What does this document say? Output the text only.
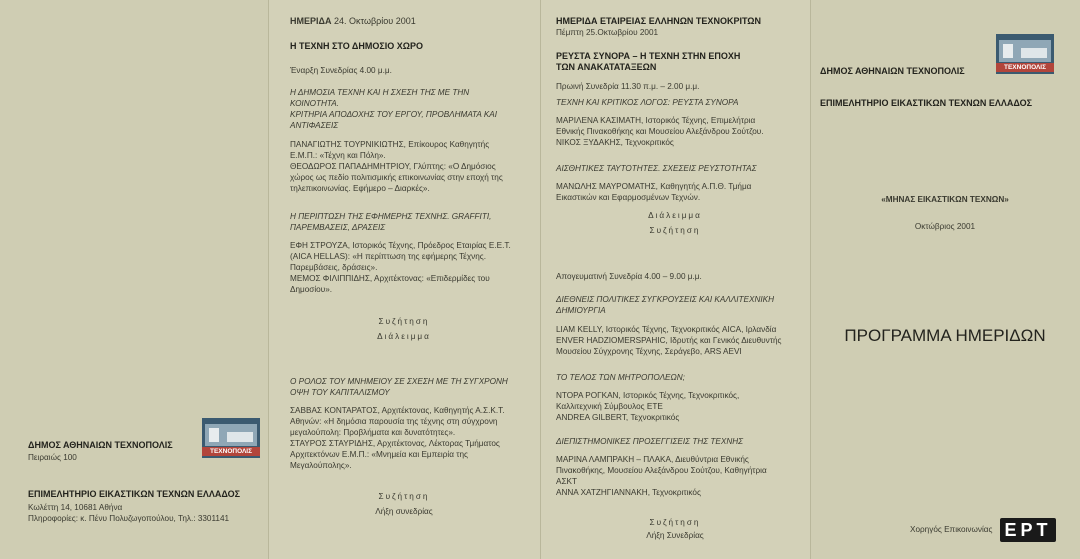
ΤΕΧΝΟΠΟΛΙΣ
ΔΗΜΟΣ ΑΘΗΝΑΙΩΝ ΤΕΧΝΟΠΟΛΙΣ
Πειραιώς 100
ΕΠΙΜΕΛΗΤΗΡΙΟ ΕΙΚΑΣΤΙΚΩΝ ΤΕΧΝΩΝ ΕΛΛΑΔΟΣ
Κωλέττη 14, 10681 Αθήνα
Πληροφορίες: κ. Πένυ Πολυζωγοπούλου, Τηλ.: 3301141
ΗΜΕΡΙΔΑ 24. Οκτωβρίου 2001
Η ΤΕΧΝΗ ΣΤΟ ΔΗΜΟΣΙΟ ΧΩΡΟ
Έναρξη Συνεδρίας 4.00 μ.μ.
Η ΔΗΜΟΣΙΑ ΤΕΧΝΗ ΚΑΙ Η ΣΧΕΣΗ ΤΗΣ ΜΕ ΤΗΝ
ΚΟΙΝΟΤΗΤΑ.
ΚΡΙΤΗΡΙΑ ΑΠΟΔΟΧΗΣ ΤΟΥ ΕΡΓΟΥ, ΠΡΟΒΛΗΜΑΤΑ ΚΑΙ
ΑΝΤΙΦΑΣΕΙΣ
ΠΑΝΑΓΙΩΤΗΣ ΤΟΥΡΝΙΚΙΩΤΗΣ, Επίκουρος Καθηγητής
Ε.Μ.Π.: «Τέχνη και Πόλη».
ΘΕΟΔΩΡΟΣ ΠΑΠΑΔΗΜΗΤΡΙΟΥ, Γλύπτης: «Ο Δημόσιος
χώρος ως πεδίο πολιτισμικής επικοινωνίας στην εποχή της
τηλεπικοινωνίας. Εφήμερο – Διαρκές».
Η ΠΕΡΙΠΤΩΣΗ ΤΗΣ ΕΦΗΜΕΡΗΣ ΤΕΧΝΗΣ. GRAFFITI,
ΠΑΡΕΜΒΑΣΕΙΣ, ΔΡΑΣΕΙΣ
ΕΦΗ ΣΤΡΟΥΖΑ, Ιστορικός Τέχνης, Πρόεδρος Εταιρίας Ε.Ε.Τ.
(AICA HELLAS): «Η περίπτωση της εφήμερης Τέχνης.
Παρεμβάσεις, δράσεις».
ΜΕΜΟΣ ΦΙΛΙΠΠΙΔΗΣ, Αρχιτέκτονας: «Επιδερμίδες του
Δημοσίου».
Συζήτηση
Διάλειμμα
Ο ΡΟΛΟΣ ΤΟΥ ΜΝΗΜΕΙΟΥ ΣΕ ΣΧΕΣΗ ΜΕ ΤΗ ΣΥΓΧΡΟΝΗ
ΟΨΗ ΤΟΥ ΚΑΠΙΤΑΛΙΣΜΟΥ
ΣΑΒΒΑΣ ΚΟΝΤΑΡΑΤΟΣ, Αρχιτέκτονας, Καθηγητής Α.Σ.Κ.Τ.
Αθηνών: «Η δημόσια παρουσία της τέχνης στη σύγχρονη
μεγαλούπολη: Προβλήματα και δυνατότητες».
ΣΤΑΥΡΟΣ ΣΤΑΥΡΙΔΗΣ, Αρχιτέκτονας, Λέκτορας Τμήματος
Αρχιτεκτόνων Ε.Μ.Π.: «Μνημεία και Εμπειρία της
Μεγαλούπολης».
Συζήτηση
Λήξη συνεδρίας
ΗΜΕΡΙΔΑ ΕΤΑΙΡΕΙΑΣ ΕΛΛΗΝΩΝ ΤΕΧΝΟΚΡΙΤΩΝ
Πέμπτη 25.Οκτωβρίου 2001
ΡΕΥΣΤΑ ΣΥΝΟΡΑ – Η ΤΕΧΝΗ ΣΤΗΝ ΕΠΟΧΗ
ΤΩΝ ΑΝΑΚΑΤΑΤΑΞΕΩΝ
Πρωινή Συνεδρία 11.30 π.μ. – 2.00 μ.μ.
ΤΕΧΝΗ ΚΑΙ ΚΡΙΤΙΚΟΣ ΛΟΓΟΣ: ΡΕΥΣΤΑ ΣΥΝΟΡΑ
ΜΑΡΙΛΕΝΑ ΚΑΣΙΜΑΤΗ, Ιστορικός Τέχνης, Επιμελήτρια
Εθνικής Πινακοθήκης και Μουσείου Αλεξάνδρου Σούτζου.
ΝΙΚΟΣ ΞΥΔΑΚΗΣ, Τεχνοκριτικός
ΑΙΣΘΗΤΙΚΕΣ ΤΑΥΤΟΤΗΤΕΣ. ΣΧΕΣΕΙΣ ΡΕΥΣΤΟΤΗΤΑΣ
ΜΑΝΩΛΗΣ ΜΑΥΡΟΜΑΤΗΣ, Καθηγητής Α.Π.Θ. Τμήμα
Εικαστικών και Εφαρμοσμένων Τεχνών.
Διάλειμμα
Συζήτηση
Απογευματινή Συνεδρία 4.00 – 9.00 μ.μ.
ΔΙΕΘΝΕΙΣ ΠΟΛΙΤΙΚΕΣ ΣΥΓΚΡΟΥΣΕΙΣ ΚΑΙ ΚΑΛΛΙΤΕΧΝΙΚΗ
ΔΗΜΙΟΥΡΓΙΑ
LIAM KELLY, Ιστορικός Τέχνης, Τεχνοκριτικός AICA, Ιρλανδία
ENVER HADZIOMERSPAHIC, Ιδρυτής και Γενικός Διευθυντής
Μουσείου Σύγχρονης Τέχνης, Σεράγεβο, ARS AEVI
ΤΟ ΤΕΛΟΣ ΤΩΝ ΜΗΤΡΟΠΟΛΕΩΝ;
ΝΤΟΡΑ ΡΟΓΚΑΝ, Ιστορικός Τέχνης, Τεχνοκριτικός,
Καλλιτεχνική Σύμβουλος ΕΤΕ
ANDREA GILBERT, Τεχνοκριτικός
ΔΙΕΠΙΣΤΗΜΟΝΙΚΕΣ ΠΡΟΣΕΓΓΙΣΕΙΣ ΤΗΣ ΤΕΧΝΗΣ
ΜΑΡΙΝΑ ΛΑΜΠΡΑΚΗ – ΠΛΑΚΑ, Διευθύντρια Εθνικής
Πινακοθήκης, Μουσείου Αλεξάνδρου Σούτζου, Καθηγήτρια
ΑΣΚΤ
ΑΝΝΑ ΧΑΤΖΗΓΙΑΝΝΑΚΗ, Τεχνοκριτικός
Συζήτηση
Λήξη Συνεδρίας
ΤΕΧΝΟΠΟΛΙΣ
ΔΗΜΟΣ ΑΘΗΝΑΙΩΝ ΤΕΧΝΟΠΟΛΙΣ
ΕΠΙΜΕΛΗΤΗΡΙΟ ΕΙΚΑΣΤΙΚΩΝ ΤΕΧΝΩΝ ΕΛΛΑΔΟΣ
«ΜΗΝΑΣ ΕΙΚΑΣΤΙΚΩΝ ΤΕΧΝΩΝ»
Οκτώβριος 2001
ΠΡΟΓΡΑΜΜΑ ΗΜΕΡΙΔΩΝ
Χορηγός Επικοινωνίας ΕΡΤ
